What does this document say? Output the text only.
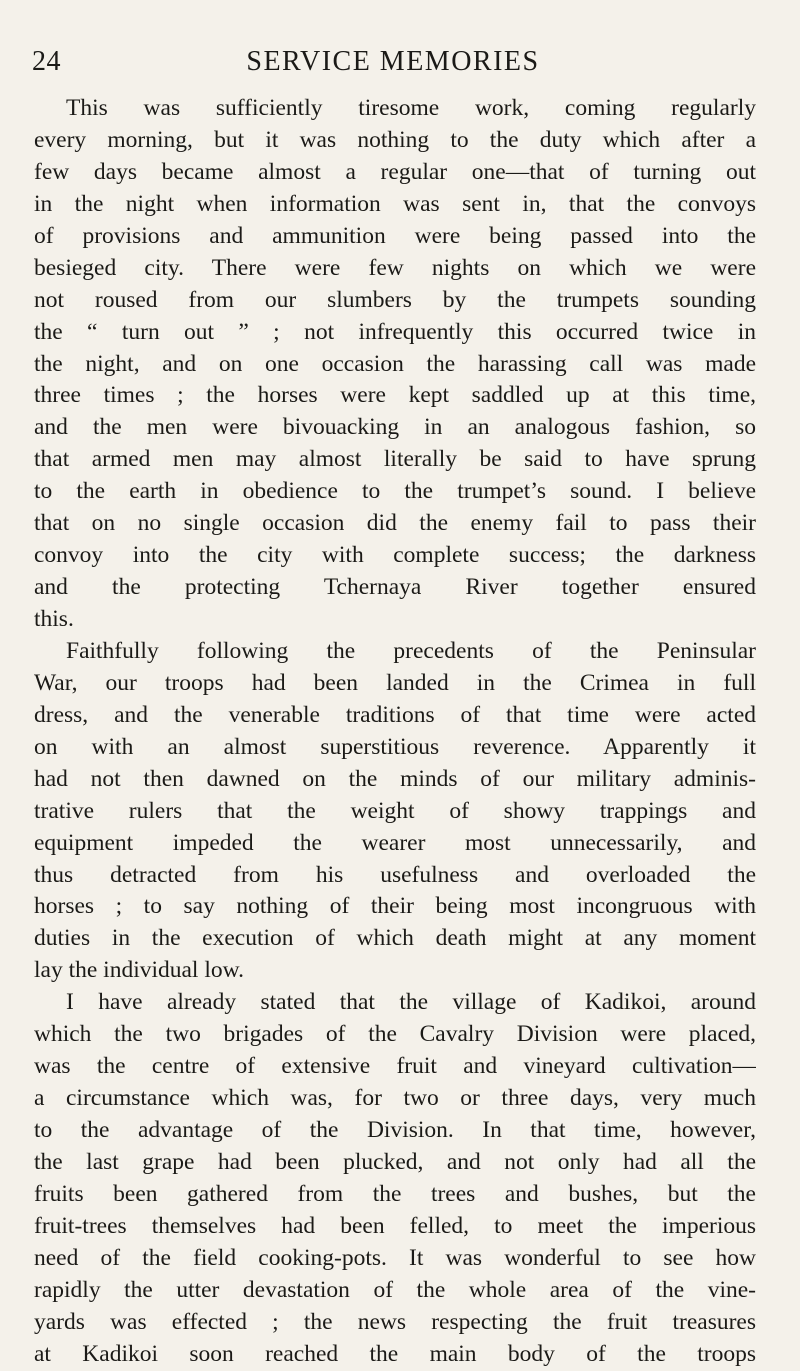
24	SERVICE MEMORIES
This was sufficiently tiresome work, coming regularly
every morning, but it was nothing to the duty which after a
few days became almost a regular one—that of turning out
in the night when information was sent in, that the convoys
of provisions and ammunition were being passed into the
besieged city. There were few nights on which we were
not roused from our slumbers by the trumpets sounding
the “ turn out ” ; not infrequently this occurred twice in
the night, and on one occasion the harassing call was made
three times ; the horses were kept saddled up at this time,
and the men were bivouacking in an analogous fashion, so
that armed men may almost literally be said to have sprung
to the earth in obedience to the trumpet’s sound. I believe
that on no single occasion did the enemy fail to pass their
convoy into the city with complete success; the darkness
and the protecting Tchernaya River together ensured
this.
Faithfully following the precedents of the Peninsular
War, our troops had been landed in the Crimea in full
dress, and the venerable traditions of that time were acted
on with an almost superstitious reverence. Apparently it
had not then dawned on the minds of our military adminis-
trative rulers that the weight of showy trappings and
equipment impeded the wearer most unnecessarily, and
thus detracted from his usefulness and overloaded the
horses ; to say nothing of their being most incongruous with
duties in the execution of which death might at any moment
lay the individual low.
I have already stated that the village of Kadikoi, around
which the two brigades of the Cavalry Division were placed,
was the centre of extensive fruit and vineyard cultivation—
a circumstance which was, for two or three days, very much
to the advantage of the Division. In that time, however,
the last grape had been plucked, and not only had all the
fruits been gathered from the trees and bushes, but the
fruit-trees themselves had been felled, to meet the imperious
need of the field cooking-pots. It was wonderful to see how
rapidly the utter devastation of the whole area of the vine-
yards was effected ; the news respecting the fruit treasures
at Kadikoi soon reached the main body of the troops
